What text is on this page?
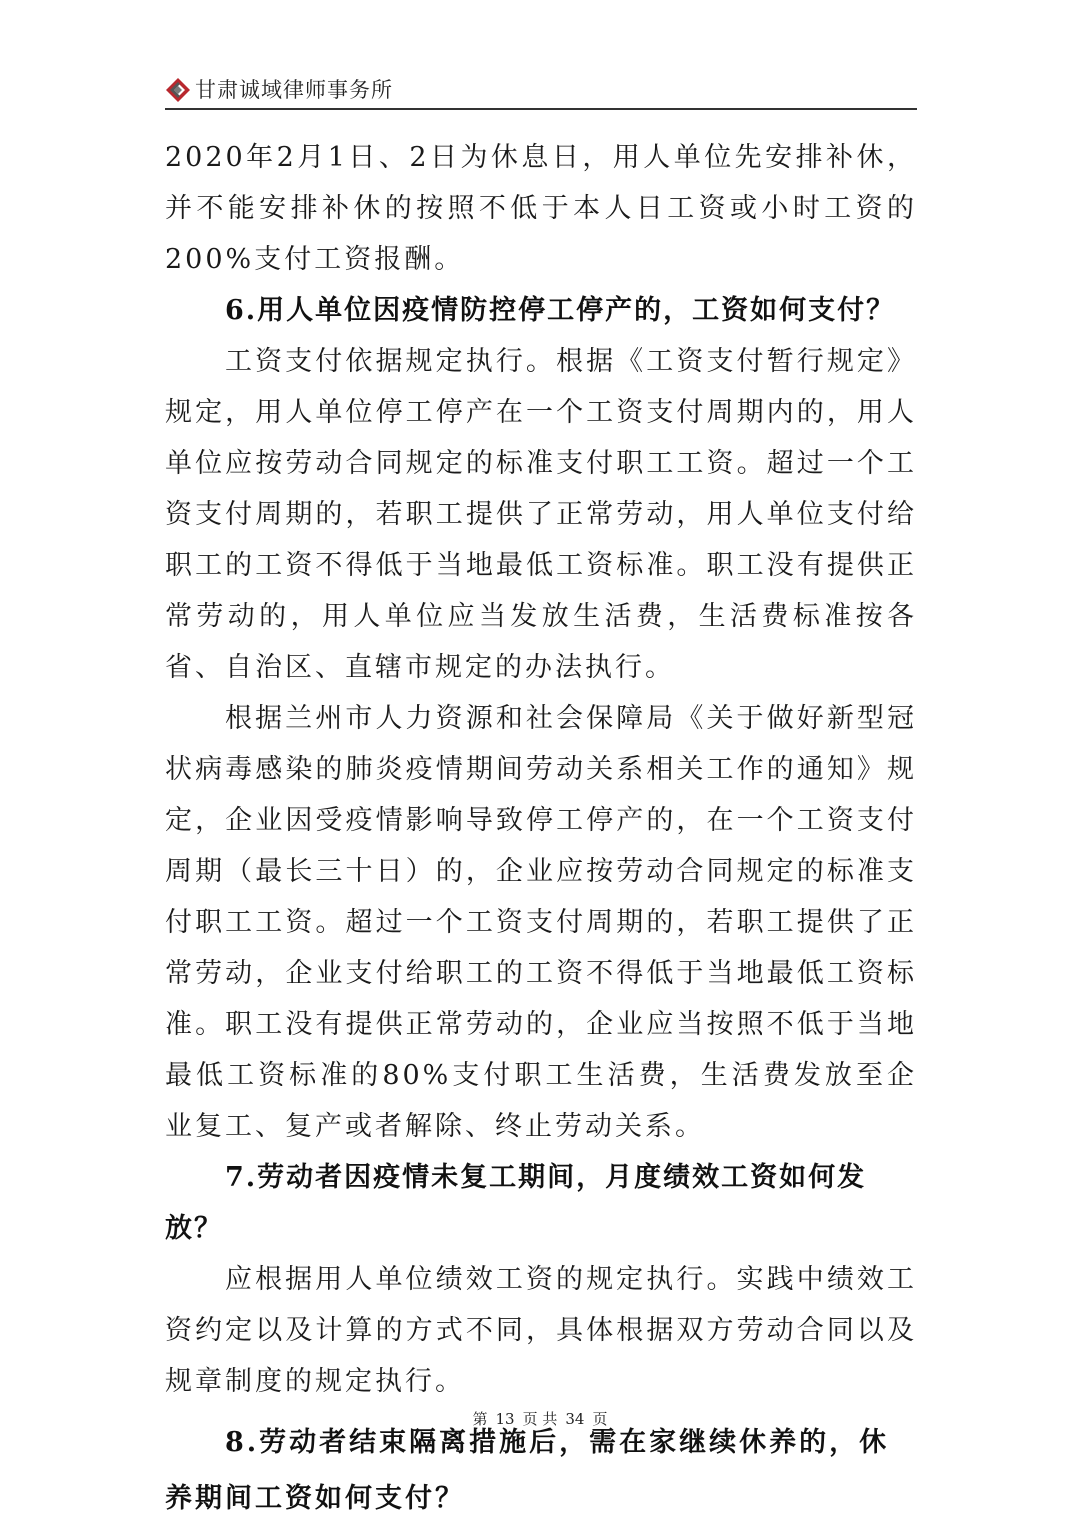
甘肃诚域律师事务所

2020年2月1日、2日为休息日，用人单位先安排补休，并不能安排补休的按照不低于本人日工资或小时工资的200%支付工资报酬。

6.用人单位因疫情防控停工停产的，工资如何支付？

工资支付依据规定执行。根据《工资支付暂行规定》规定，用人单位停工停产在一个工资支付周期内的，用人单位应按劳动合同规定的标准支付职工工资。超过一个工资支付周期的，若职工提供了正常劳动，用人单位支付给职工的工资不得低于当地最低工资标准。职工没有提供正常劳动的，用人单位应当发放生活费，生活费标准按各省、自治区、直辖市规定的办法执行。

根据兰州市人力资源和社会保障局《关于做好新型冠状病毒感染的肺炎疫情期间劳动关系相关工作的通知》规定，企业因受疫情影响导致停工停产的，在一个工资支付周期（最长三十日）的，企业应按劳动合同规定的标准支付职工工资。超过一个工资支付周期的，若职工提供了正常劳动，企业支付给职工的工资不得低于当地最低工资标准。职工没有提供正常劳动的，企业应当按照不低于当地最低工资标准的80%支付职工生活费，生活费发放至企业复工、复产或者解除、终止劳动关系。

7.劳动者因疫情未复工期间，月度绩效工资如何发放？

应根据用人单位绩效工资的规定执行。实践中绩效工资约定以及计算的方式不同，具体根据双方劳动合同以及规章制度的规定执行。

8.劳动者结束隔离措施后，需在家继续休养的，休养期间工资如何支付？

第 13 页 共 34 页
